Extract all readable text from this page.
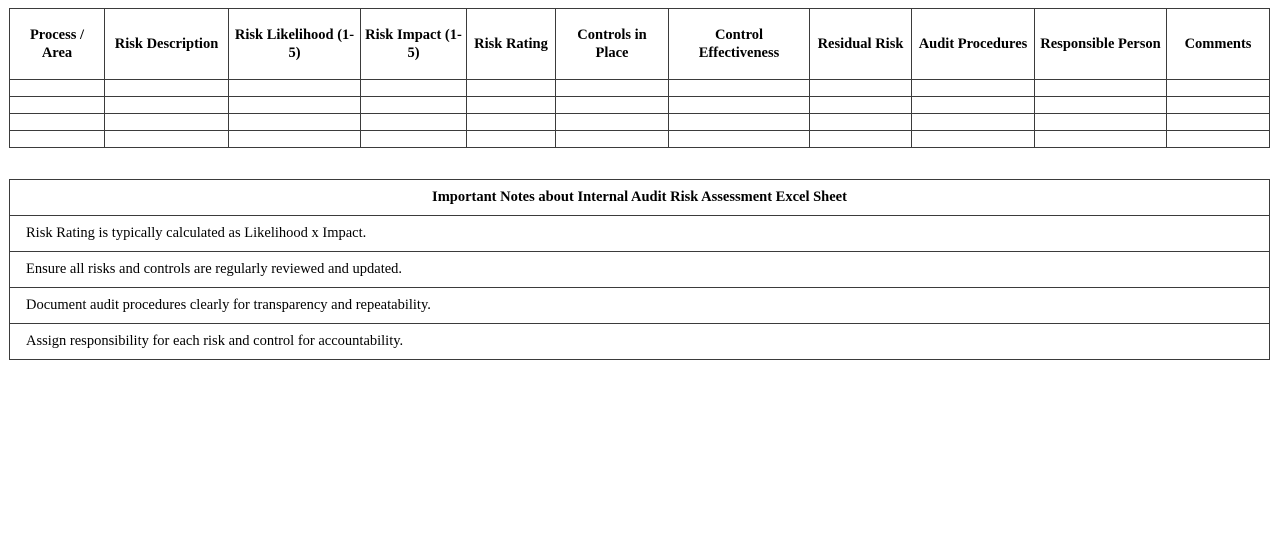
Process / Area	Risk Description	Risk Likelihood (1-5)	Risk Impact (1-5)	Risk Rating	Controls in Place	Control Effectiveness	Residual Risk	Audit Procedures	Responsible Person	Comments

Important Notes about Internal Audit Risk Assessment Excel Sheet
Risk Rating is typically calculated as Likelihood x Impact.
Ensure all risks and controls are regularly reviewed and updated.
Document audit procedures clearly for transparency and repeatability.
Assign responsibility for each risk and control for accountability.
